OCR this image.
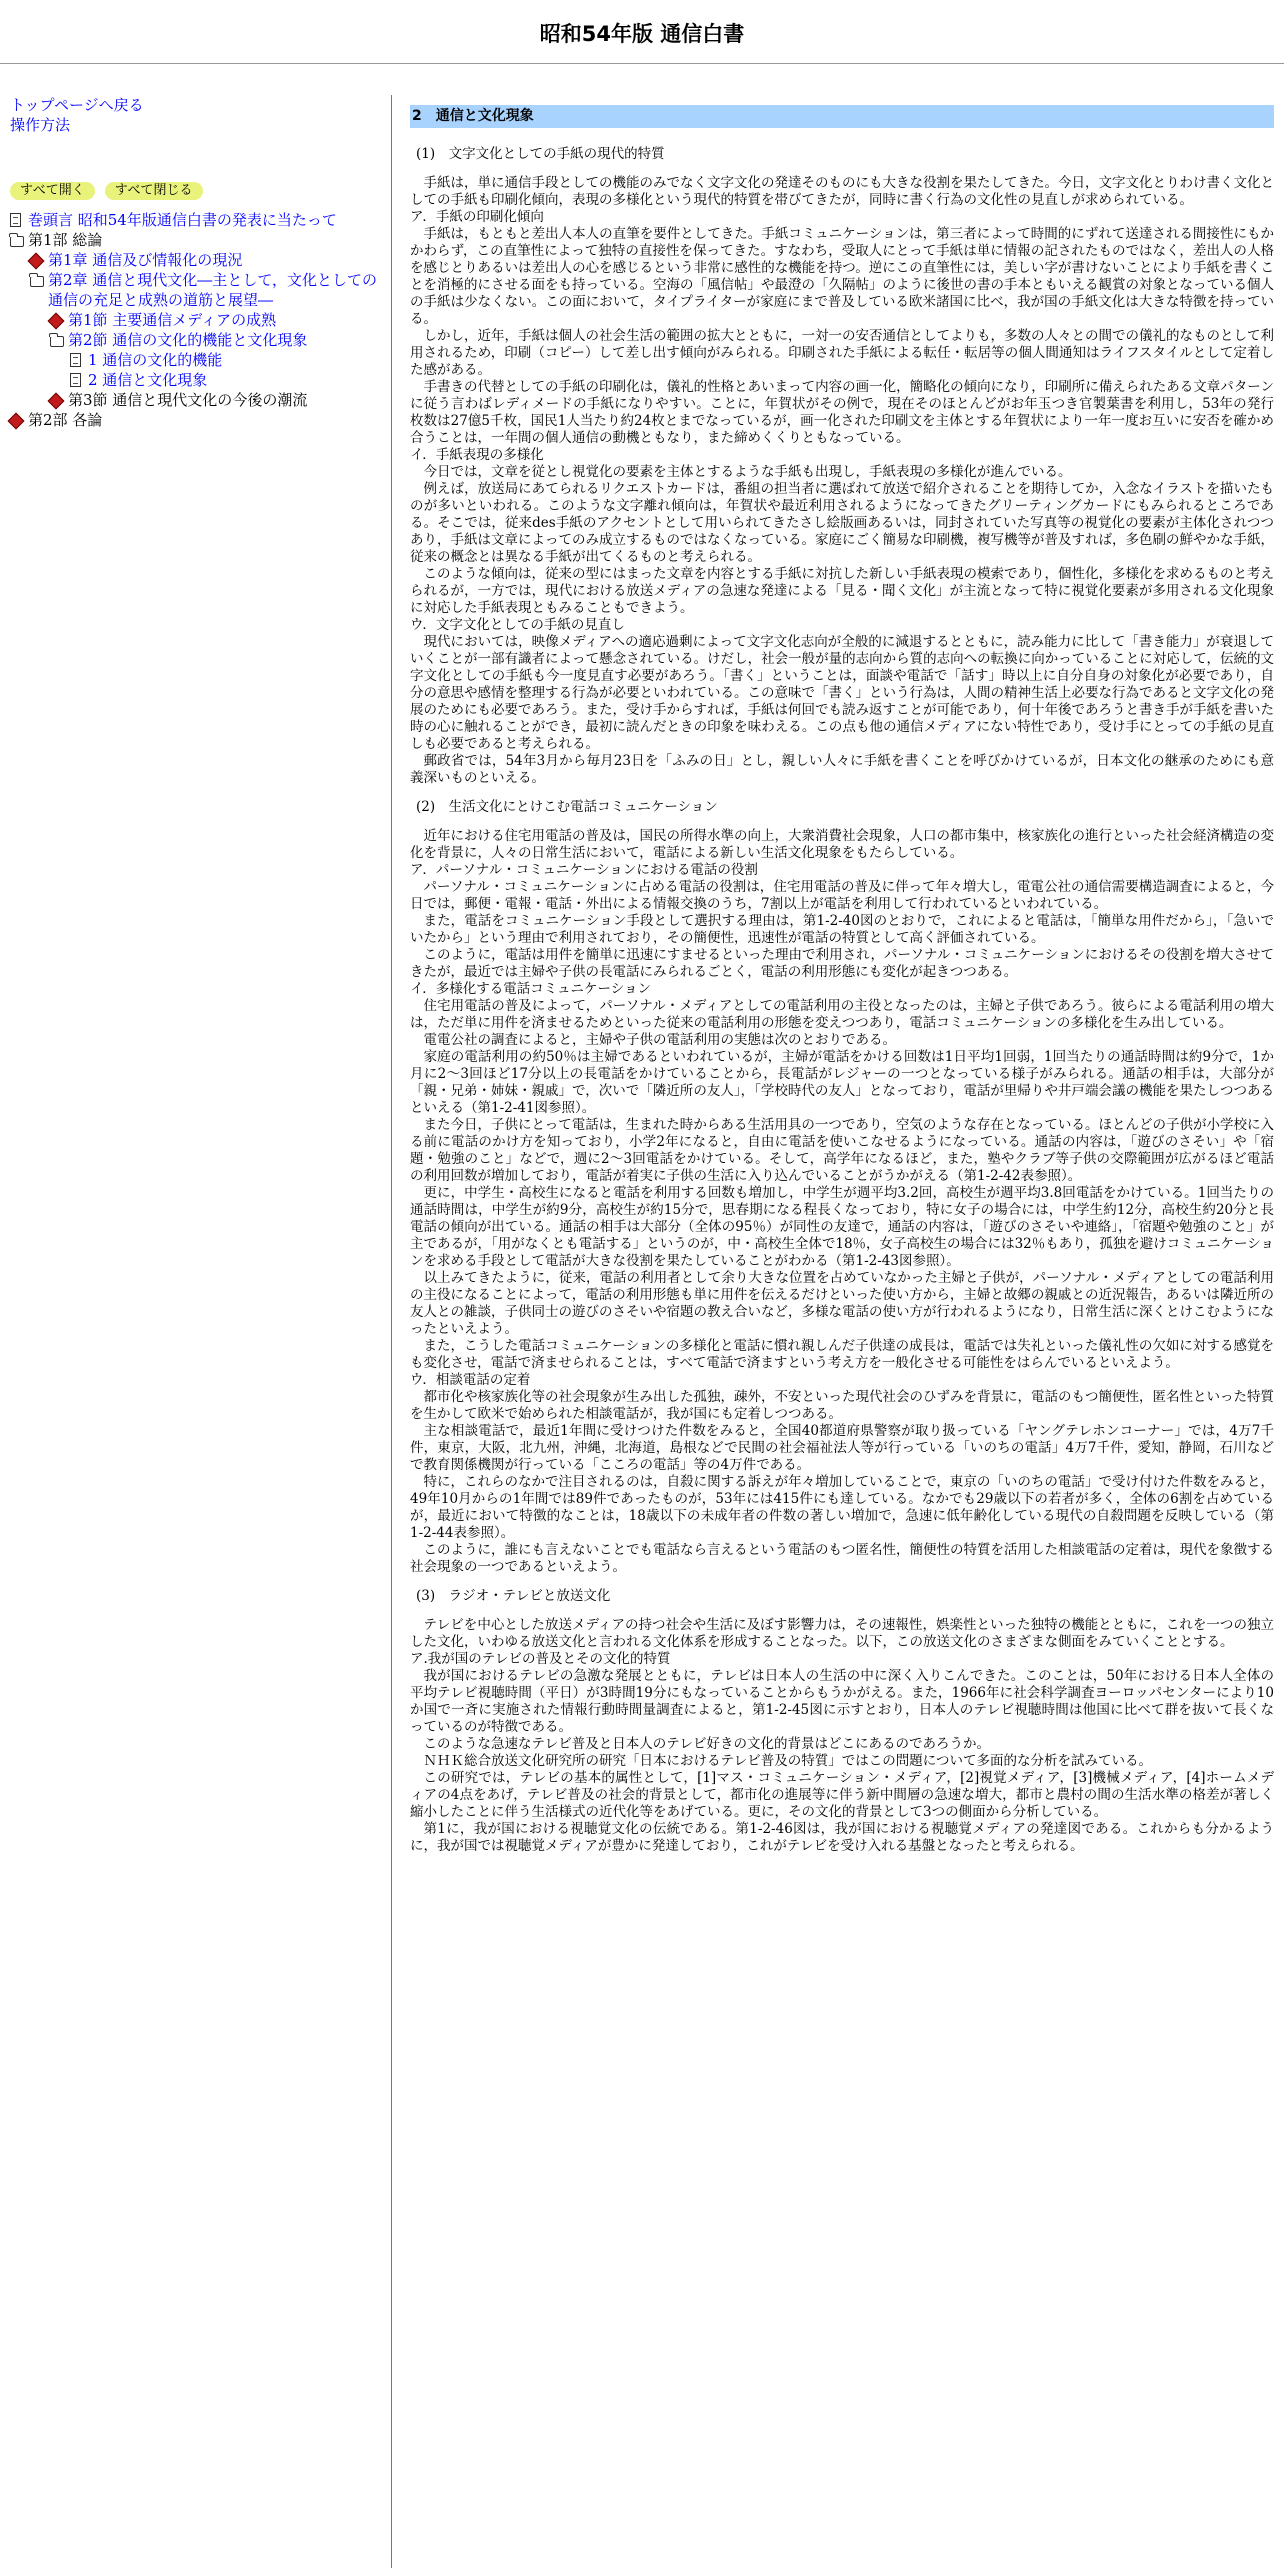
昭和54年版 通信白書
トップページへ戻る
操作方法
すべて開く すべて閉じる
巻頭言 昭和54年版通信白書の発表に当たって
第1部 総論
第1章 通信及び情報化の現況
第2章 通信と現代文化―主として，文化としての通信の充足と成熟の道筋と展望―
第1節 主要通信メディアの成熟
第2節 通信の文化的機能と文化現象
1 通信の文化的機能
2 通信と文化現象
第3節 通信と現代文化の今後の潮流
第2部 各論
2　通信と文化現象
(1)　文字文化としての手紙の現代的特質
手紙は，単に通信手段としての機能のみでなく文字文化の発達そのものにも大きな役割を果たしてきた。今日，文字文化とりわけ書く文化としての手紙も印刷化傾向，表現の多様化という現代的特質を帯びてきたが，同時に書く行為の文化性の見直しが求められている。
ア．手紙の印刷化傾向
手紙は，もともと差出人本人の直筆を要件としてきた。手紙コミュニケーションは，第三者によって時間的にずれて送達される間接性にもかかわらず，この直筆性によって独特の直接性を保ってきた。すなわち，受取人にとって手紙は単に情報の記されたものではなく，差出人の人格を感じとりあるいは差出人の心を感じるという非常に感性的な機能を持つ。逆にこの直筆性には，美しい字が書けないことにより手紙を書くことを消極的にさせる面をも持っている。空海の「風信帖」や最澄の「久隔帖」のように後世の書の手本ともいえる観賞の対象となっている個人の手紙は少なくない。この面において，タイプライターが家庭にまで普及している欧米諸国に比べ，我が国の手紙文化は大きな特徴を持っている。
しかし，近年，手紙は個人の社会生活の範囲の拡大とともに，一対一の安否通信としてよりも，多数の人々との間での儀礼的なものとして利用されるため，印刷（コピー）して差し出す傾向がみられる。印刷された手紙による転任・転居等の個人間通知はライフスタイルとして定着した感がある。
手書きの代替としての手紙の印刷化は，儀礼的性格とあいまって内容の画一化，簡略化の傾向になり，印刷所に備えられたある文章パターンに従う言わばレディメードの手紙になりやすい。ことに，年賀状がその例で，現在そのほとんどがお年玉つき官製葉書を利用し，53年の発行枚数は27億5千枚，国民1人当たり約24枚とまでなっているが，画一化された印刷文を主体とする年賀状により一年一度お互いに安否を確かめ合うことは，一年間の個人通信の動機ともなり，また締めくくりともなっている。
イ．手紙表現の多様化
今日では，文章を従とし視覚化の要素を主体とするような手紙も出現し，手紙表現の多様化が進んでいる。
例えば，放送局にあてられるリクエストカードは，番組の担当者に選ばれて放送で紹介されることを期待してか，入念なイラストを描いたものが多いといわれる。このような文字離れ傾向は，年賀状や最近利用されるようになってきたグリーティングカードにもみられるところである。そこでは，従来des手紙のアクセントとして用いられてきたさし絵版画あるいは，同封されていた写真等の視覚化の要素が主体化されつつあり，手紙は文章によってのみ成立するものではなくなっている。家庭にごく簡易な印刷機，複写機等が普及すれば，多色刷の鮮やかな手紙，従来の概念とは異なる手紙が出てくるものと考えられる。
このような傾向は，従来の型にはまった文章を内容とする手紙に対抗した新しい手紙表現の模索であり，個性化，多様化を求めるものと考えられるが，一方では，現代における放送メディアの急速な発達による「見る・聞く文化」が主流となって特に視覚化要素が多用される文化現象に対応した手紙表現ともみることもできよう。
ウ．文字文化としての手紙の見直し
現代においては，映像メディアへの適応過剰によって文字文化志向が全般的に減退するとともに，読み能力に比して「書き能力」が衰退していくことが一部有識者によって懸念されている。けだし，社会一般が量的志向から質的志向への転換に向かっていることに対応して，伝統的文字文化としての手紙も今一度見直す必要があろう。「書く」ということは，面談や電話で「話す」時以上に自分自身の対象化が必要であり，自分の意思や感情を整理する行為が必要といわれている。この意味で「書く」という行為は，人間の精神生活上必要な行為であると文字文化の発展のためにも必要であろう。また，受け手からすれば，手紙は何回でも読み返すことが可能であり，何十年後であろうと書き手が手紙を書いた時の心に触れることができ，最初に読んだときの印象を味わえる。この点も他の通信メディアにない特性であり，受け手にとっての手紙の見直しも必要であると考えられる。
郵政省では，54年3月から毎月23日を「ふみの日」とし，親しい人々に手紙を書くことを呼びかけているが，日本文化の継承のためにも意義深いものといえる。
(2)　生活文化にとけこむ電話コミュニケーション
近年における住宅用電話の普及は，国民の所得水準の向上，大衆消費社会現象，人口の都市集中，核家族化の進行といった社会経済構造の変化を背景に，人々の日常生活において，電話による新しい生活文化現象をもたらしている。
ア．パーソナル・コミュニケーションにおける電話の役割
パーソナル・コミュニケーションに占める電話の役割は，住宅用電話の普及に伴って年々増大し，電電公社の通信需要構造調査によると，今日では，郵便・電報・電話・外出による情報交換のうち，7割以上が電話を利用して行われているといわれている。
また，電話をコミュニケーション手段として選択する理由は，第1-2-40図のとおりで，これによると電話は，「簡単な用件だから」，「急いでいたから」という理由で利用されており，その簡便性，迅速性が電話の特質として高く評価されている。
このように，電話は用件を簡単に迅速にすませるといった理由で利用され，パーソナル・コミュニケーションにおけるその役割を増大させてきたが，最近では主婦や子供の長電話にみられるごとく，電話の利用形態にも変化が起きつつある。
イ．多様化する電話コミュニケーション
住宅用電話の普及によって，パーソナル・メディアとしての電話利用の主役となったのは，主婦と子供であろう。彼らによる電話利用の増大は，ただ単に用件を済ませるためといった従来の電話利用の形態を変えつつあり，電話コミュニケーションの多様化を生み出している。
電電公社の調査によると，主婦や子供の電話利用の実態は次のとおりである。
家庭の電話利用の約50％は主婦であるといわれているが，主婦が電話をかける回数は1日平均1回弱，1回当たりの通話時間は約9分で，1か月に2～3回ほど17分以上の長電話をかけていることから，長電話がレジャーの一つとなっている様子がみられる。通話の相手は，大部分が「親・兄弟・姉妹・親戚」で，次いで「隣近所の友人」，「学校時代の友人」となっており，電話が里帰りや井戸端会議の機能を果たしつつあるといえる（第1-2-41図参照）。
また今日，子供にとって電話は，生まれた時からある生活用具の一つであり，空気のような存在となっている。ほとんどの子供が小学校に入る前に電話のかけ方を知っており，小学2年になると，自由に電話を使いこなせるようになっている。通話の内容は，「遊びのさそい」や「宿題・勉強のこと」などで，週に2～3回電話をかけている。そして，高学年になるほど，また，塾やクラブ等子供の交際範囲が広がるほど電話の利用回数が増加しており，電話が着実に子供の生活に入り込んでいることがうかがえる（第1-2-42表参照）。
更に，中学生・高校生になると電話を利用する回数も増加し，中学生が週平均3.2回，高校生が週平均3.8回電話をかけている。1回当たりの通話時間は，中学生が約9分，高校生が約15分で，思春期になる程長くなっており，特に女子の場合には，中学生約12分，高校生約20分と長電話の傾向が出ている。通話の相手は大部分（全体の95％）が同性の友達で，通話の内容は，「遊びのさそいや連絡」，「宿題や勉強のこと」が主であるが，「用がなくとも電話する」というのが，中・高校生全体で18％，女子高校生の場合には32％もあり，孤独を避けコミュニケーションを求める手段として電話が大きな役割を果たしていることがわかる（第1-2-43図参照）。
以上みてきたように，従来，電話の利用者として余り大きな位置を占めていなかった主婦と子供が，パーソナル・メディアとしての電話利用の主役になることによって，電話の利用形態も単に用件を伝えるだけといった使い方から，主婦と故郷の親戚との近況報告，あるいは隣近所の友人との雑談，子供同士の遊びのさそいや宿題の教え合いなど，多様な電話の使い方が行われるようになり，日常生活に深くとけこむようになったといえよう。
また，こうした電話コミュニケーションの多様化と電話に慣れ親しんだ子供達の成長は，電話では失礼といった儀礼性の欠如に対する感覚をも変化させ，電話で済ませられることは，すべて電話で済ますという考え方を一般化させる可能性をはらんでいるといえよう。
ウ．相談電話の定着
都市化や核家族化等の社会現象が生み出した孤独，疎外，不安といった現代社会のひずみを背景に，電話のもつ簡便性，匿名性といった特質を生かして欧米で始められた相談電話が，我が国にも定着しつつある。
主な相談電話で，最近1年間に受けつけた件数をみると，全国40都道府県警察が取り扱っている「ヤングテレホンコーナー」では，4万7千件，東京，大阪，北九州，沖縄，北海道，島根などで民間の社会福祉法人等が行っている「いのちの電話」4万7千件，愛知，静岡，石川などで教育関係機関が行っている「こころの電話」等の4万件である。
特に，これらのなかで注目されるのは，自殺に関する訴えが年々増加していることで，東京の「いのちの電話」で受け付けた件数をみると，49年10月からの1年間では89件であったものが，53年には415件にも達している。なかでも29歳以下の若者が多く，全体の6割を占めているが，最近において特徴的なことは，18歳以下の未成年者の件数の著しい増加で，急速に低年齢化している現代の自殺問題を反映している（第1-2-44表参照）。
このように，誰にも言えないことでも電話なら言えるという電話のもつ匿名性，簡便性の特質を活用した相談電話の定着は，現代を象徴する社会現象の一つであるといえよう。
(3)　ラジオ・テレビと放送文化
テレビを中心とした放送メディアの持つ社会や生活に及ぼす影響力は，その速報性，娯楽性といった独特の機能とともに，これを一つの独立した文化，いわゆる放送文化と言われる文化体系を形成することなった。以下，この放送文化のさまざまな側面をみていくこととする。
ア.我が国のテレビの普及とその文化的特質
我が国におけるテレビの急激な発展とともに，テレビは日本人の生活の中に深く入りこんできた。このことは，50年における日本人全体の平均テレビ視聴時間（平日）が3時間19分にもなっていることからもうかがえる。また，1966年に社会科学調査ヨーロッパセンターにより10か国で一斉に実施された情報行動時間量調査によると，第1-2-45図に示すとおり，日本人のテレビ視聴時間は他国に比べて群を抜いて長くなっているのが特徴である。
このような急速なテレビ普及と日本人のテレビ好きの文化的背景はどこにあるのであろうか。
ＮＨＫ総合放送文化研究所の研究「日本におけるテレビ普及の特質」ではこの問題について多面的な分析を試みている。
この研究では，テレビの基本的属性として，[1]マス・コミュニケーション・メディア，[2]視覚メディア，[3]機械メディア，[4]ホームメディアの4点をあげ，テレビ普及の社会的背景として，都市化の進展等に伴う新中間層の急速な増大，都市と農村の間の生活水準の格差が著しく縮小したことに伴う生活様式の近代化等をあげている。更に，その文化的背景として3つの側面から分析している。
第1に，我が国における視聴覚文化の伝統である。第1-2-46図は，我が国における視聴覚メディアの発達図である。これからも分かるように，我が国では視聴覚メディアが豊かに発達しており，これがテレビを受け入れる基盤となったと考えられる。
